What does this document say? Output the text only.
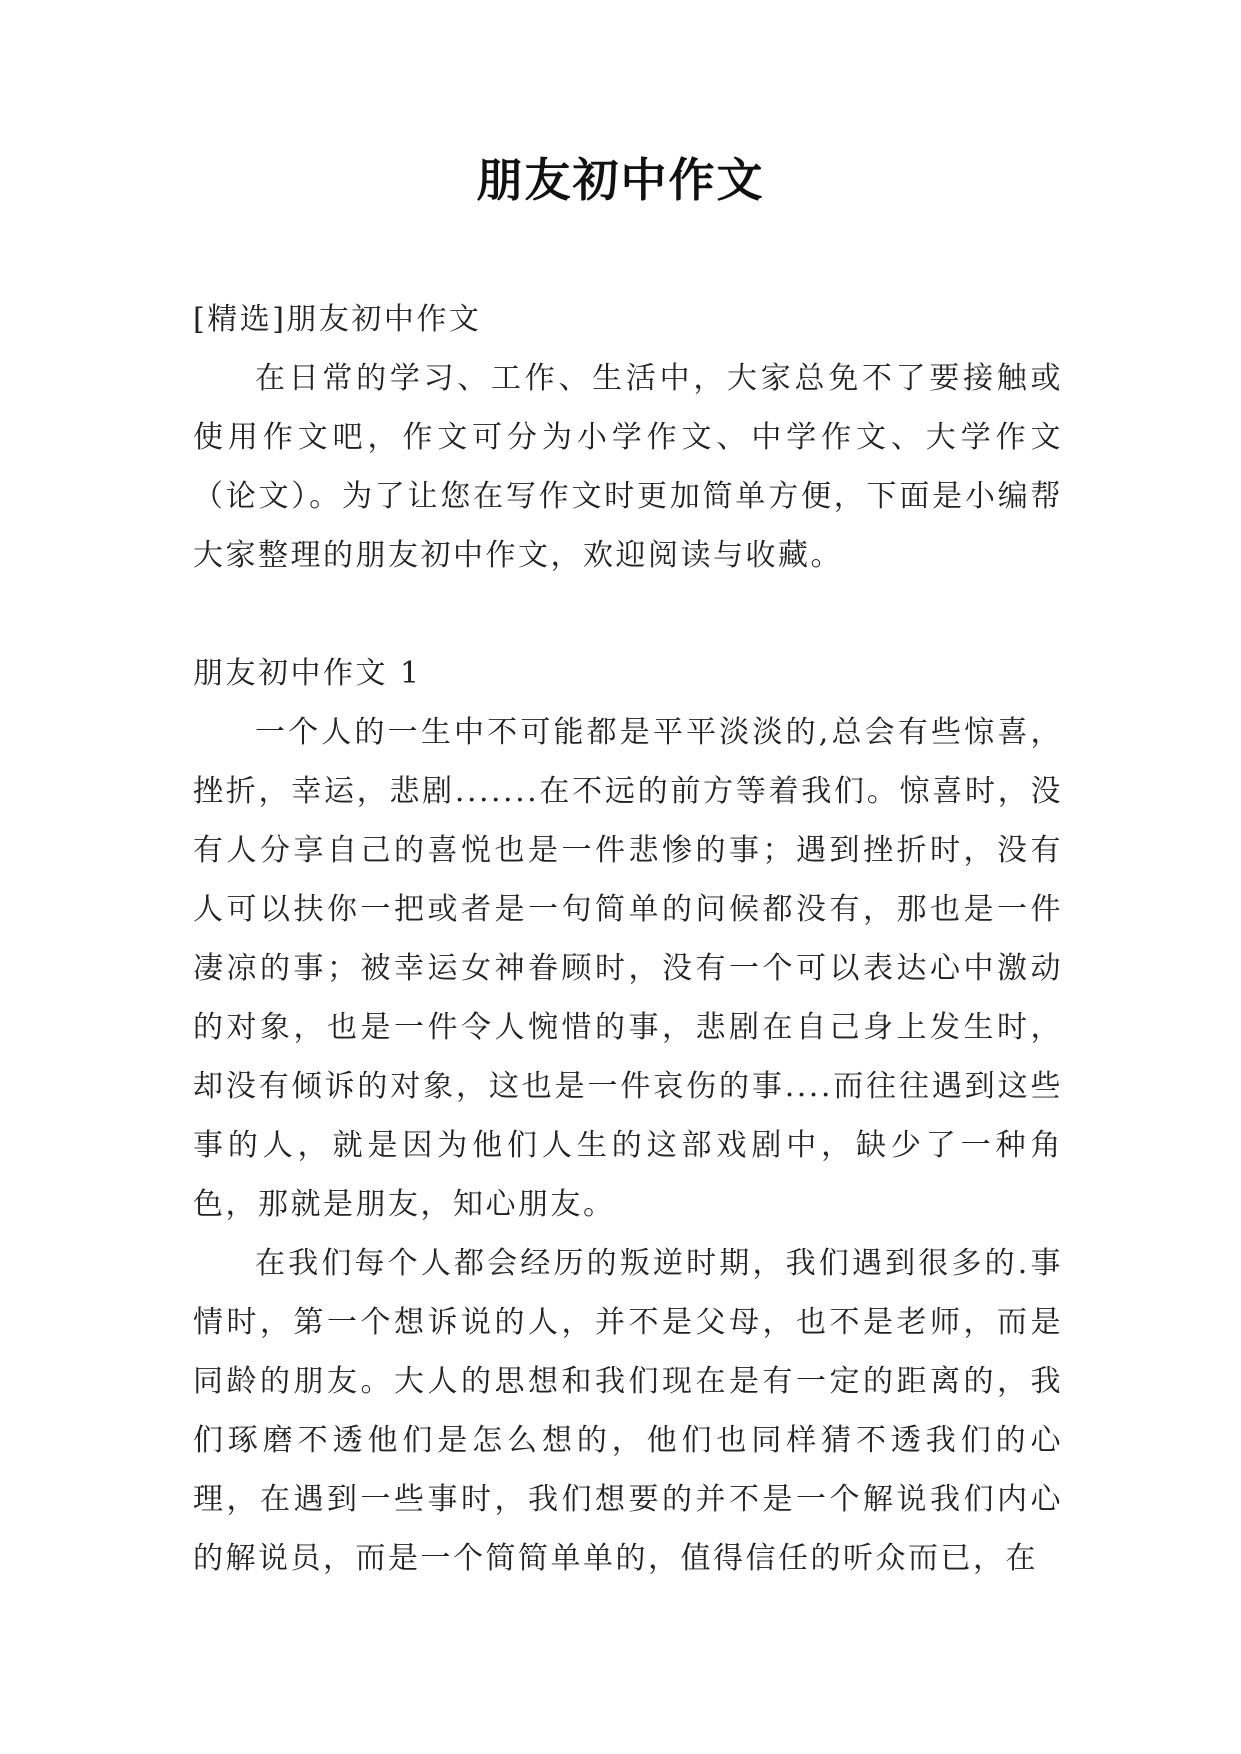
朋友初中作文

[精选]朋友初中作文

在日常的学习、工作、生活中，大家总免不了要接触或使用作文吧，作文可分为小学作文、中学作文、大学作文（论文）。为了让您在写作文时更加简单方便，下面是小编帮大家整理的朋友初中作文，欢迎阅读与收藏。

朋友初中作文 1

一个人的一生中不可能都是平平淡淡的,总会有些惊喜，挫折，幸运，悲剧.......在不远的前方等着我们。惊喜时，没有人分享自己的喜悦也是一件悲惨的事；遇到挫折时，没有人可以扶你一把或者是一句简单的问候都没有，那也是一件凄凉的事；被幸运女神眷顾时，没有一个可以表达心中激动的对象，也是一件令人惋惜的事，悲剧在自己身上发生时，却没有倾诉的对象，这也是一件哀伤的事....而往往遇到这些事的人，就是因为他们人生的这部戏剧中，缺少了一种角色，那就是朋友，知心朋友。

在我们每个人都会经历的叛逆时期，我们遇到很多的.事情时，第一个想诉说的人，并不是父母，也不是老师，而是同龄的朋友。大人的思想和我们现在是有一定的距离的，我们琢磨不透他们是怎么想的，他们也同样猜不透我们的心理，在遇到一些事时，我们想要的并不是一个解说我们内心的解说员，而是一个简简单单的，值得信任的听众而已，在
